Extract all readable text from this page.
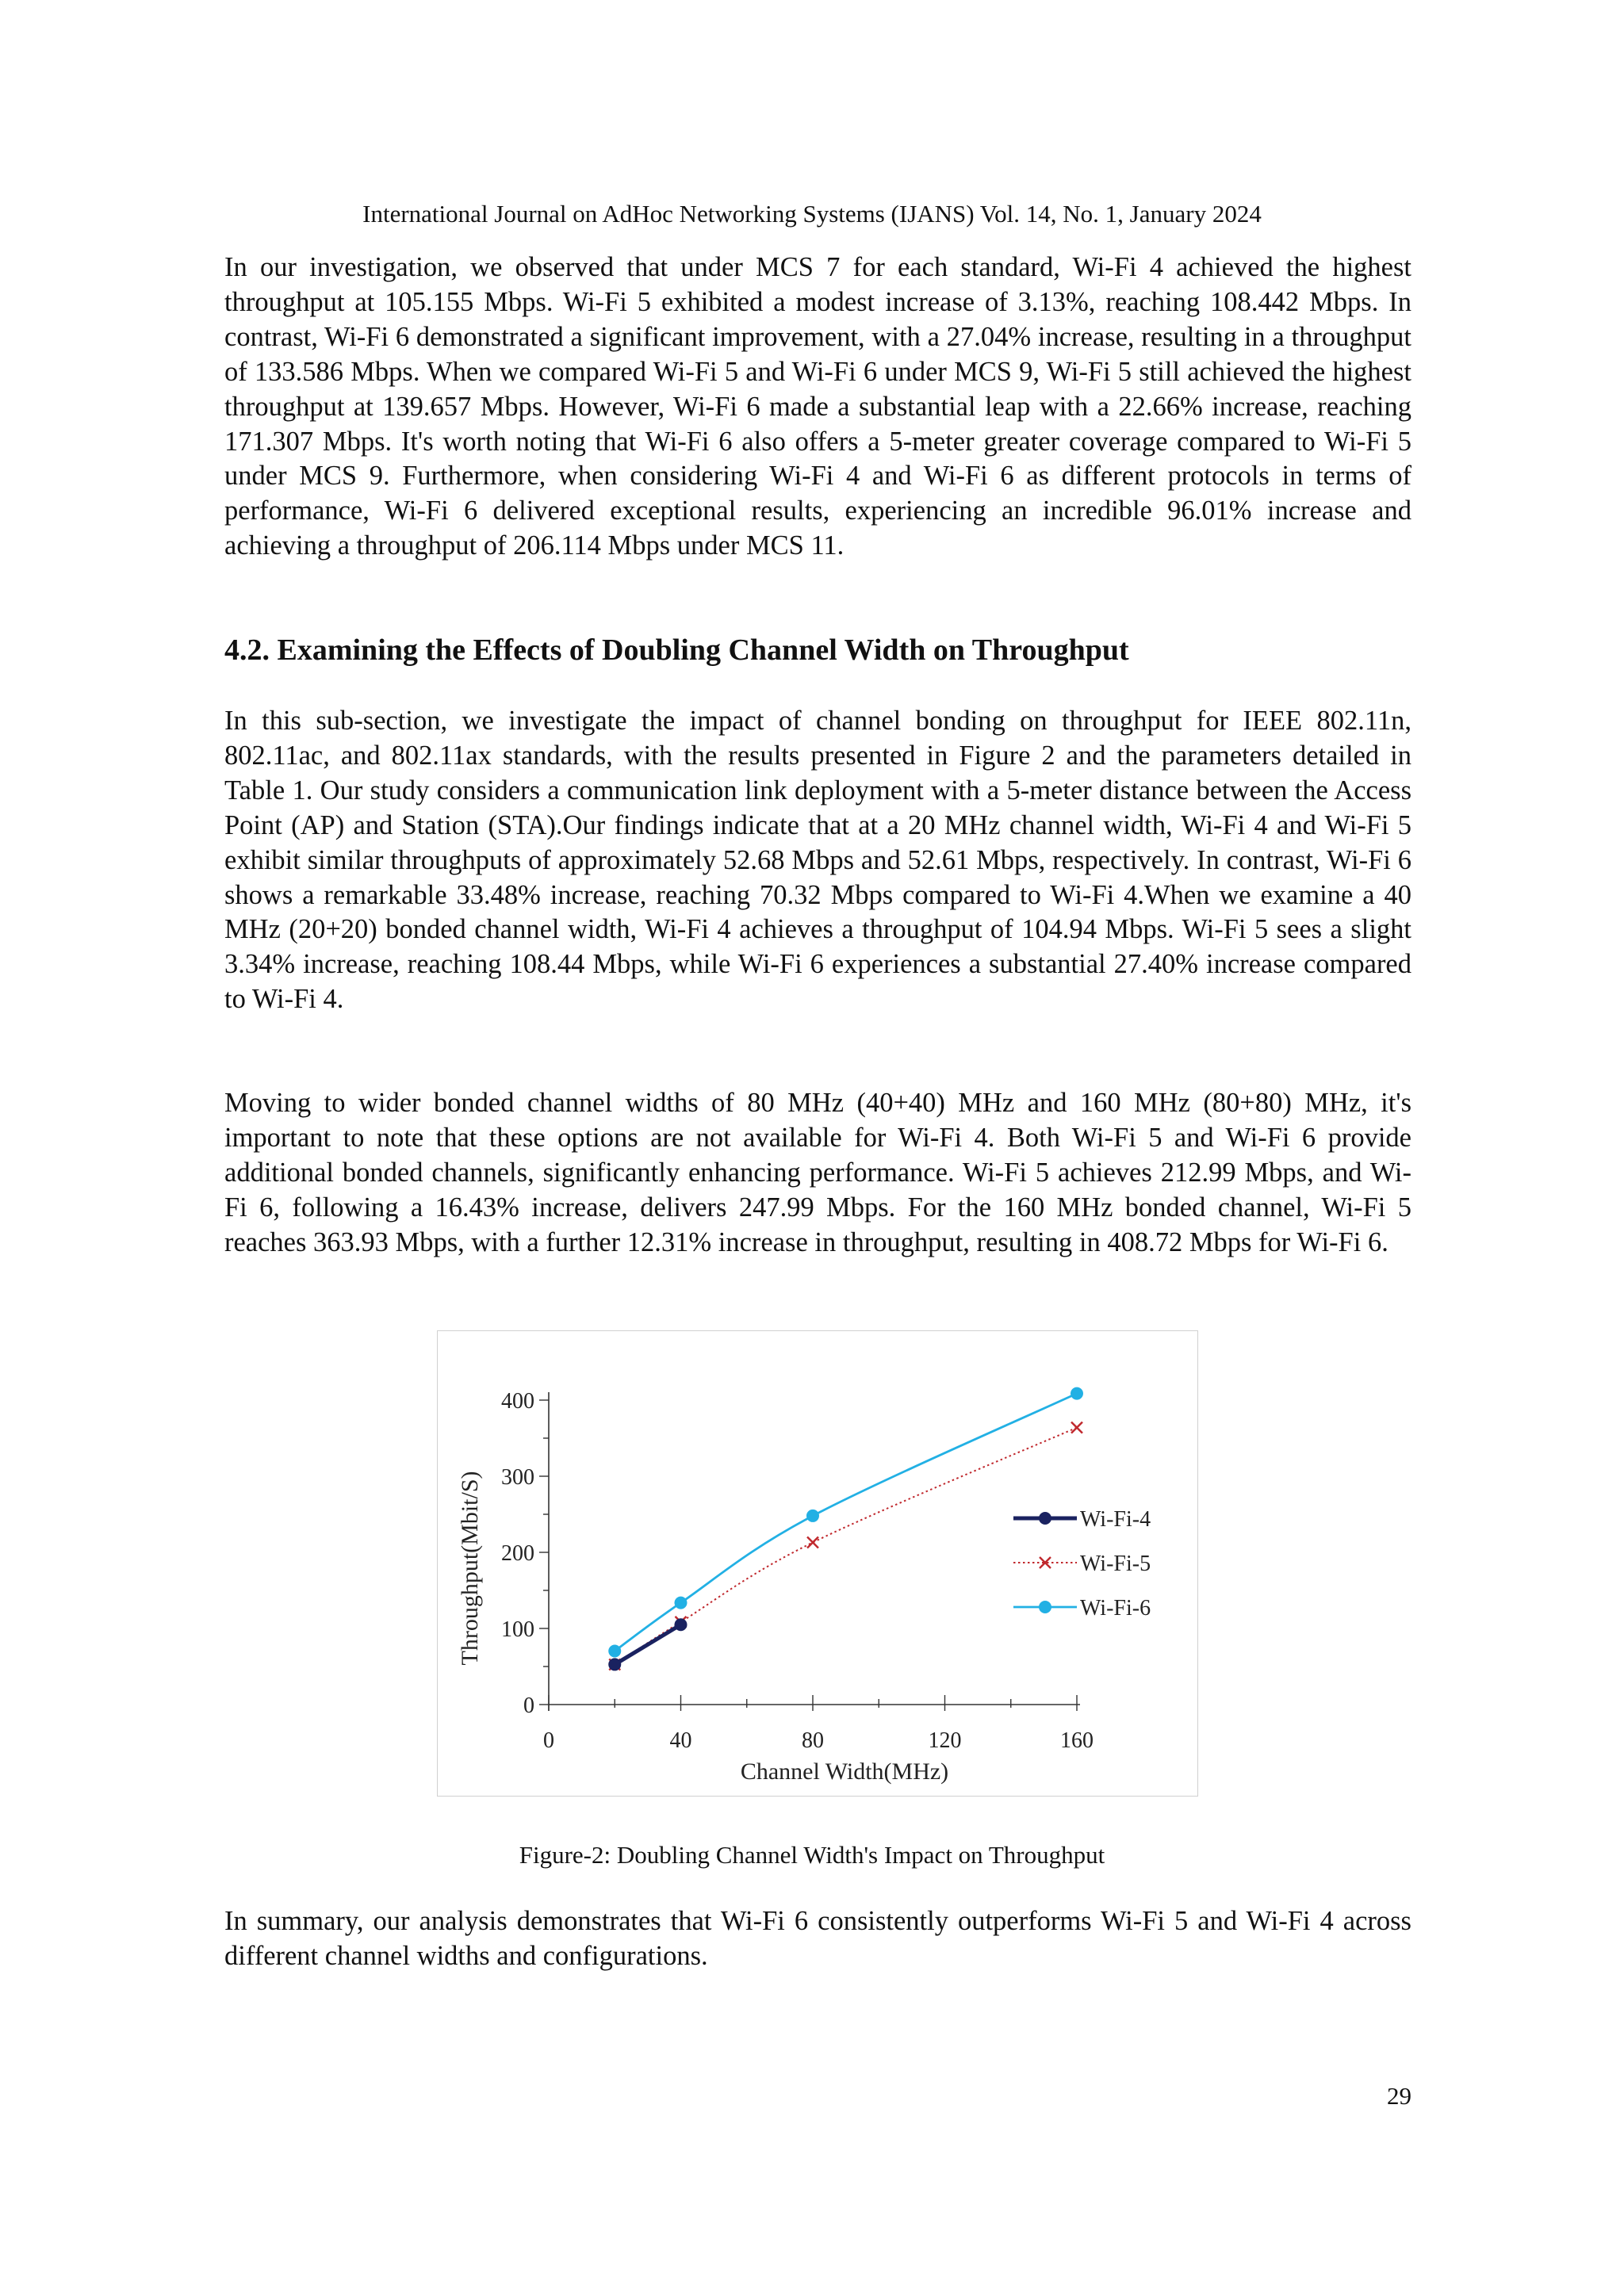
International Journal on AdHoc Networking Systems (IJANS) Vol. 14, No. 1, January 2024

In our investigation, we observed that under MCS 7 for each standard, Wi-Fi 4 achieved the highest throughput at 105.155 Mbps. Wi-Fi 5 exhibited a modest increase of 3.13%, reaching 108.442 Mbps. In contrast, Wi-Fi 6 demonstrated a significant improvement, with a 27.04% increase, resulting in a throughput of 133.586 Mbps. When we compared Wi-Fi 5 and Wi-Fi 6 under MCS 9, Wi-Fi 5 still achieved the highest throughput at 139.657 Mbps. However, Wi-Fi 6 made a substantial leap with a 22.66% increase, reaching 171.307 Mbps. It's worth noting that Wi-Fi 6 also offers a 5-meter greater coverage compared to Wi-Fi 5 under MCS 9. Furthermore, when considering Wi-Fi 4 and Wi-Fi 6 as different protocols in terms of performance, Wi-Fi 6 delivered exceptional results, experiencing an incredible 96.01% increase and achieving a throughput of 206.114 Mbps under MCS 11.

4.2. Examining the Effects of Doubling Channel Width on Throughput

In this sub-section, we investigate the impact of channel bonding on throughput for IEEE 802.11n, 802.11ac, and 802.11ax standards, with the results presented in Figure 2 and the parameters detailed in Table 1. Our study considers a communication link deployment with a 5-meter distance between the Access Point (AP) and Station (STA).Our findings indicate that at a 20 MHz channel width, Wi-Fi 4 and Wi-Fi 5 exhibit similar throughputs of approximately 52.68 Mbps and 52.61 Mbps, respectively. In contrast, Wi-Fi 6 shows a remarkable 33.48% increase, reaching 70.32 Mbps compared to Wi-Fi 4.When we examine a 40 MHz (20+20) bonded channel width, Wi-Fi 4 achieves a throughput of 104.94 Mbps. Wi-Fi 5 sees a slight 3.34% increase, reaching 108.44 Mbps, while Wi-Fi 6 experiences a substantial 27.40% increase compared to Wi-Fi 4.

Moving to wider bonded channel widths of 80 MHz (40+40) MHz and 160 MHz (80+80) MHz, it's important to note that these options are not available for Wi-Fi 4. Both Wi-Fi 5 and Wi-Fi 6 provide additional bonded channels, significantly enhancing performance. Wi-Fi 5 achieves 212.99 Mbps, and Wi-Fi 6, following a 16.43% increase, delivers 247.99 Mbps. For the 160 MHz bonded channel, Wi-Fi 5 reaches 363.93 Mbps, with a further 12.31% increase in throughput, resulting in 408.72 Mbps for Wi-Fi 6.

0
100
200
300
400
0	40	80	120	160
Channel Width(MHz)
Throughput(Mbit/S)	Wi-Fi-4
Wi-Fi-5
Wi-Fi-6
Figure-2: Doubling Channel Width's Impact on Throughput

In summary, our analysis demonstrates that Wi-Fi 6 consistently outperforms Wi-Fi 5 and Wi-Fi 4 across different channel widths and configurations.

29
